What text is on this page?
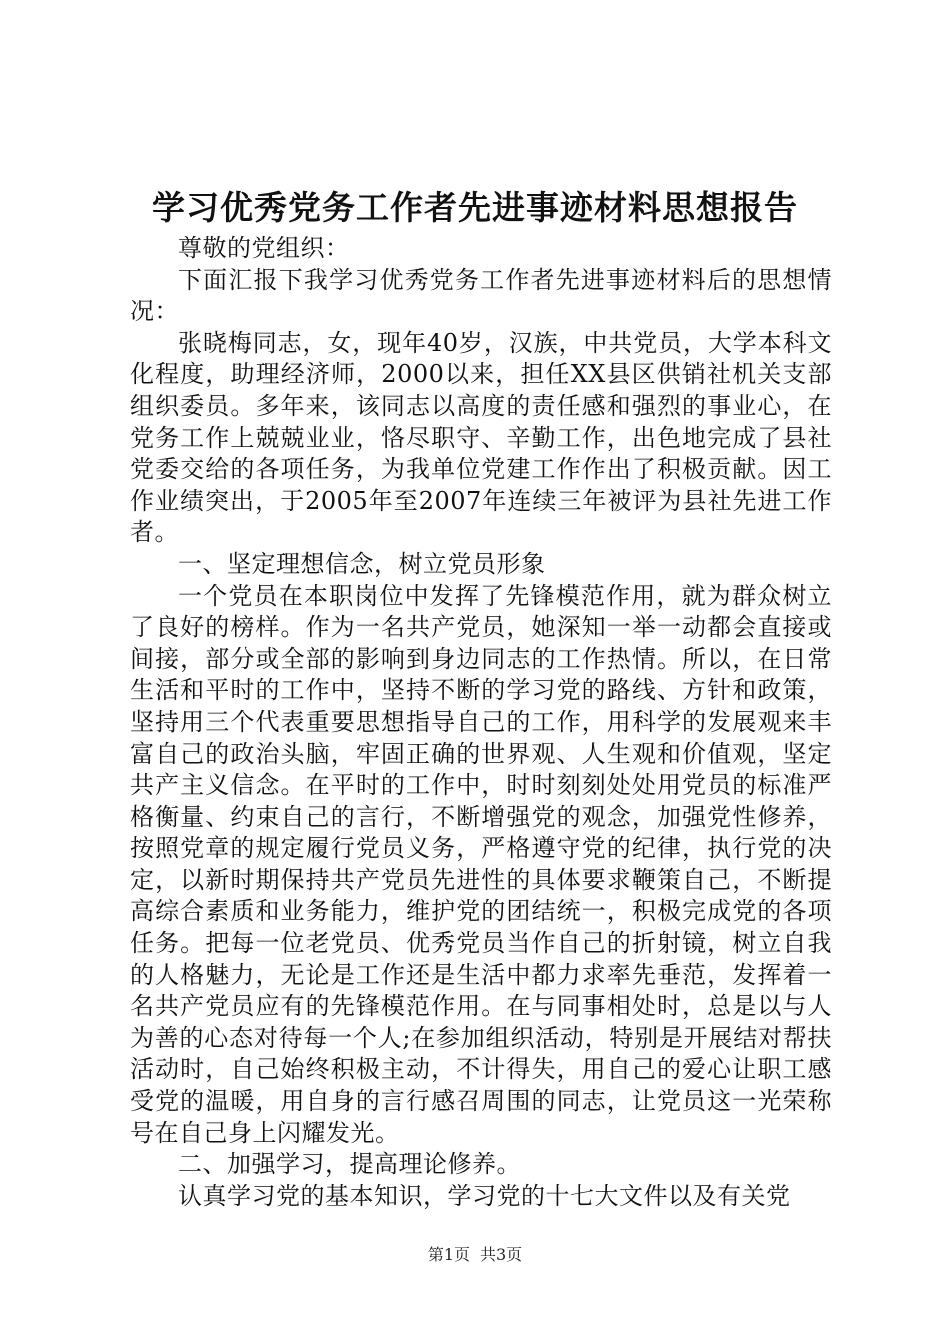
学习优秀党务工作者先进事迹材料思想报告

尊敬的党组织：

下面汇报下我学习优秀党务工作者先进事迹材料后的思想情况：

张晓梅同志，女，现年40岁，汉族，中共党员，大学本科文化程度，助理经济师，2000以来，担任XX县区供销社机关支部组织委员。多年来，该同志以高度的责任感和强烈的事业心，在党务工作上兢兢业业，恪尽职守、辛勤工作，出色地完成了县社党委交给的各项任务，为我单位党建工作作出了积极贡献。因工作业绩突出，于2005年至2007年连续三年被评为县社先进工作者。

一、坚定理想信念，树立党员形象

一个党员在本职岗位中发挥了先锋模范作用，就为群众树立了良好的榜样。作为一名共产党员，她深知一举一动都会直接或间接，部分或全部的影响到身边同志的工作热情。所以，在日常生活和平时的工作中，坚持不断的学习党的路线、方针和政策，坚持用三个代表重要思想指导自己的工作，用科学的发展观来丰富自己的政治头脑，牢固正确的世界观、人生观和价值观，坚定共产主义信念。在平时的工作中，时时刻刻处处用党员的标准严格衡量、约束自己的言行，不断增强党的观念，加强党性修养，按照党章的规定履行党员义务，严格遵守党的纪律，执行党的决定，以新时期保持共产党员先进性的具体要求鞭策自己，不断提高综合素质和业务能力，维护党的团结统一，积极完成党的各项任务。把每一位老党员、优秀党员当作自己的折射镜，树立自我的人格魅力，无论是工作还是生活中都力求率先垂范，发挥着一名共产党员应有的先锋模范作用。在与同事相处时，总是以与人为善的心态对待每一个人;在参加组织活动，特别是开展结对帮扶活动时，自己始终积极主动，不计得失，用自己的爱心让职工感受党的温暖，用自身的言行感召周围的同志，让党员这一光荣称号在自己身上闪耀发光。

二、加强学习，提高理论修养。

认真学习党的基本知识，学习党的十七大文件以及有关党

第1页 共3页
